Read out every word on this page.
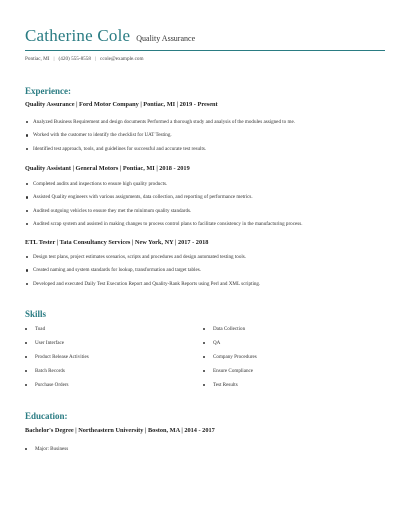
Catherine Cole Quality Assurance
Pontiac, MI | (420) 555-8558 | ccole@example.com
Experience:
Quality Assurance | Ford Motor Company | Pontiac, MI | 2019 - Present
Analyzed Business Requirement and design documents Performed a thorough study and analysis of the modules assigned to me.
Worked with the customer to identify the checklist for UAT Testing.
Identified test approach, tools, and guidelines for successful and accurate test results.
Quality Assistant | General Motors | Pontiac, MI | 2018 - 2019
Completed audits and inspections to ensure high quality products.
Assisted Quality engineers with various assignments, data collection, and reporting of performance metrics.
Audited outgoing vehicles to ensure they met the minimum quality standards.
Audited scrap system and assisted in making changes to process control plans to facilitate consistency in the manufacturing process.
ETL Tester | Tata Consultancy Services | New York, NY | 2017 - 2018
Design test plans, project estimates scenarios, scripts and procedures and design automated testing tools.
Created naming and system standards for lookup, transformation and target tables.
Developed and executed Daily Test Execution Report and Quality-Rank Reports using Perl and XML scripting.
Skills
Toad
User Interface
Product Release Activities
Batch Records
Purchase Orders
Data Collection
QA
Company Procedures
Ensure Compliance
Test Results
Education:
Bachelor's Degree | Northeastern University | Boston, MA | 2014 - 2017
Major: Business
